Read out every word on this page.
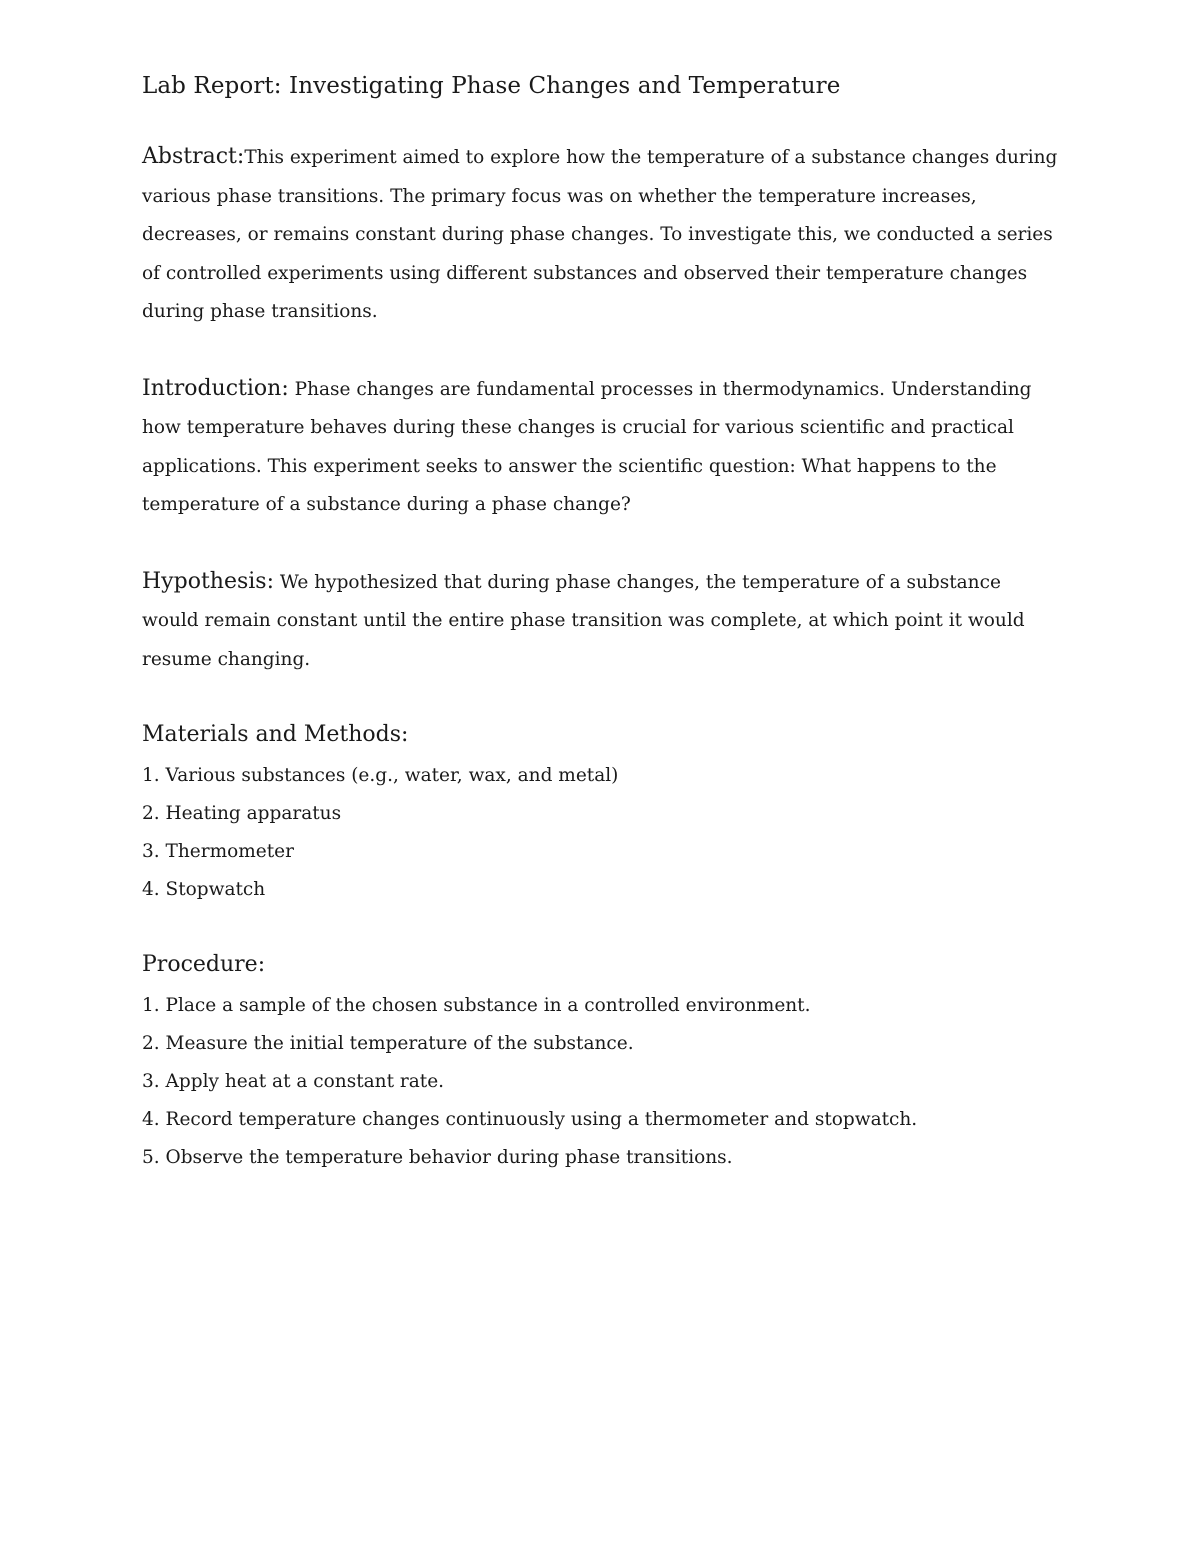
Lab Report: Investigating Phase Changes and Temperature

Abstract:This experiment aimed to explore how the temperature of a substance changes during various phase transitions. The primary focus was on whether the temperature increases, decreases, or remains constant during phase changes. To investigate this, we conducted a series of controlled experiments using different substances and observed their temperature changes during phase transitions.

Introduction: Phase changes are fundamental processes in thermodynamics. Understanding how temperature behaves during these changes is crucial for various scientific and practical applications. This experiment seeks to answer the scientific question: What happens to the temperature of a substance during a phase change?

Hypothesis: We hypothesized that during phase changes, the temperature of a substance would remain constant until the entire phase transition was complete, at which point it would resume changing.

Materials and Methods:
1. Various substances (e.g., water, wax, and metal)
2. Heating apparatus
3. Thermometer
4. Stopwatch
Procedure:
1. Place a sample of the chosen substance in a controlled environment.
2. Measure the initial temperature of the substance.
3. Apply heat at a constant rate.
4. Record temperature changes continuously using a thermometer and stopwatch.
5. Observe the temperature behavior during phase transitions.
